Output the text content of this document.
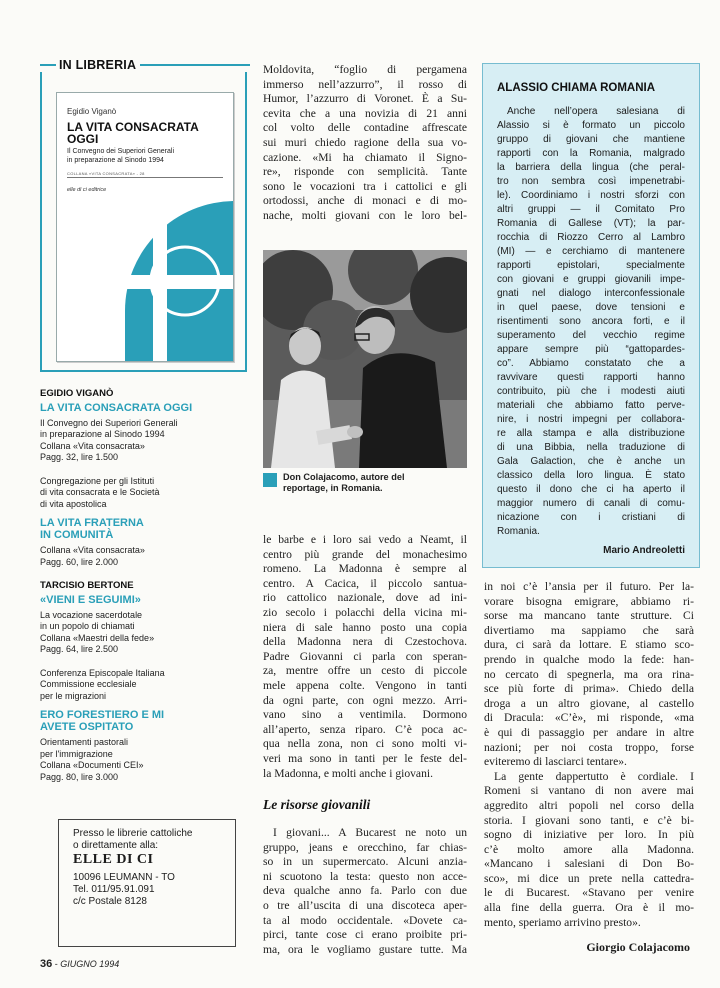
IN LIBRERIA
Egidio Viganò
LA VITA CONSACRATA
OGGI
Il Convegno dei Superiori Generali
in preparazione al Sinodo 1994
COLLANA «VITA CONSACRATA» - 28
elle di ci editrice
EGIDIO VIGANÒ
LA VITA CONSACRATA OGGI
Il Convegno dei Superiori Generali
in preparazione al Sinodo 1994
Collana «Vita consacrata»
Pagg. 32, lire 1.500
Congregazione per gli Istituti
di vita consacrata e le Società
di vita apostolica
LA VITA FRATERNA
IN COMUNITÀ
Collana «Vita consacrata»
Pagg. 60, lire 2.000
TARCISIO BERTONE
«VIENI E SEGUIMI»
La vocazione sacerdotale
in un popolo di chiamati
Collana «Maestri della fede»
Pagg. 64, lire 2.500
Conferenza Episcopale Italiana
Commissione ecclesiale
per le migrazioni
ERO FORESTIERO E MI
AVETE OSPITATO
Orientamenti pastorali
per l'immigrazione
Collana «Documenti CEI»
Pagg. 80, lire 3.000
Presso le librerie cattoliche
o direttamente alla:
ELLE DI CI
10096 LEUMANN - TO
Tel. 011/95.91.091
c/c Postale 8128
36 - GIUGNO 1994
Moldovita, “foglio di pergamena
immerso nell’azzurro”, il rosso di
Humor, l’azzurro di Voronet. È a Su-
cevita che a una novizia di 21 anni
col volto delle contadine affrescate
sui muri chiedo ragione della sua vo-
cazione. «Mi ha chiamato il Signo-
re», risponde con semplicità. Tante
sono le vocazioni tra i cattolici e gli
ortodossi, anche di monaci e di mo-
nache, molti giovani con le loro bel-
Don Colajacomo, autore del
reportage, in Romania.
le barbe e i loro sai vedo a Neamt, il
centro più grande del monachesimo
romeno. La Madonna è sempre al
centro. A Cacica, il piccolo santua-
rio cattolico nazionale, dove ad ini-
zio secolo i polacchi della vicina mi-
niera di sale hanno posto una copia
della Madonna nera di Czestochova.
Padre Giovanni ci parla con speran-
za, mentre offre un cesto di piccole
mele appena colte. Vengono in tanti
da ogni parte, con ogni mezzo. Arri-
vano sino a ventimila. Dormono
all’aperto, senza riparo. C’è poca ac-
qua nella zona, non ci sono molti vi-
veri ma sono in tanti per le feste del-
la Madonna, e molti anche i giovani.
Le risorse giovanili
I giovani... A Bucarest ne noto un
gruppo, jeans e orecchino, far chias-
so in un supermercato. Alcuni anzia-
ni scuotono la testa: questo non acce-
deva qualche anno fa. Parlo con due
o tre all’uscita di una discoteca aper-
ta al modo occidentale. «Dovete ca-
pirci, tante cose ci erano proibite pri-
ma, ora le vogliamo gustare tutte. Ma
ALASSIO CHIAMA ROMANIA
Anche nell’opera salesiana di
Alassio si è formato un piccolo
gruppo di giovani che mantiene
rapporti con la Romania, malgrado
la barriera della lingua (che peral-
tro non sembra così impenetrabi-
le). Coordiniamo i nostri sforzi con
altri gruppi — il Comitato Pro
Romania di Gallese (VT); la par-
rocchia di Riozzo Cerro al Lambro
(MI) — e cerchiamo di mantenere
rapporti epistolari, specialmente
con giovani e gruppi giovanili impe-
gnati nel dialogo interconfessionale
in quel paese, dove tensioni e
risentimenti sono ancora forti, e il
superamento del vecchio regime
appare sempre più “gattopardes-
co”. Abbiamo constatato che a
ravvivare questi rapporti hanno
contribuito, più che i modesti aiuti
materiali che abbiamo fatto perve-
nire, i nostri impegni per collabora-
re alla stampa e alla distribuzione
di una Bibbia, nella traduzione di
Gala Galaction, che è anche un
classico della loro lingua. È stato
questo il dono che ci ha aperto il
maggior numero di canali di comu-
nicazione con i cristiani di
Romania.
Mario Andreoletti
in noi c’è l’ansia per il futuro. Per la-
vorare bisogna emigrare, abbiamo ri-
sorse ma mancano tante strutture. Ci
divertiamo ma sappiamo che sarà
dura, ci sarà da lottare. E stiamo sco-
prendo in qualche modo la fede: han-
no cercato di spegnerla, ma ora rina-
sce più forte di prima». Chiedo della
droga a un altro giovane, al castello
di Dracula: «C’è», mi risponde, «ma
è qui di passaggio per andare in altre
nazioni; per noi costa troppo, forse
eviteremo di lasciarci tentare».
La gente dappertutto è cordiale. I
Romeni si vantano di non avere mai
aggredito altri popoli nel corso della
storia. I giovani sono tanti, e c’è bi-
sogno di iniziative per loro. In più
c’è molto amore alla Madonna.
«Mancano i salesiani di Don Bo-
sco», mi dice un prete nella cattedra-
le di Bucarest. «Stavano per venire
alla fine della guerra. Ora è il mo-
mento, speriamo arrivino presto».
Giorgio Colajacomo
